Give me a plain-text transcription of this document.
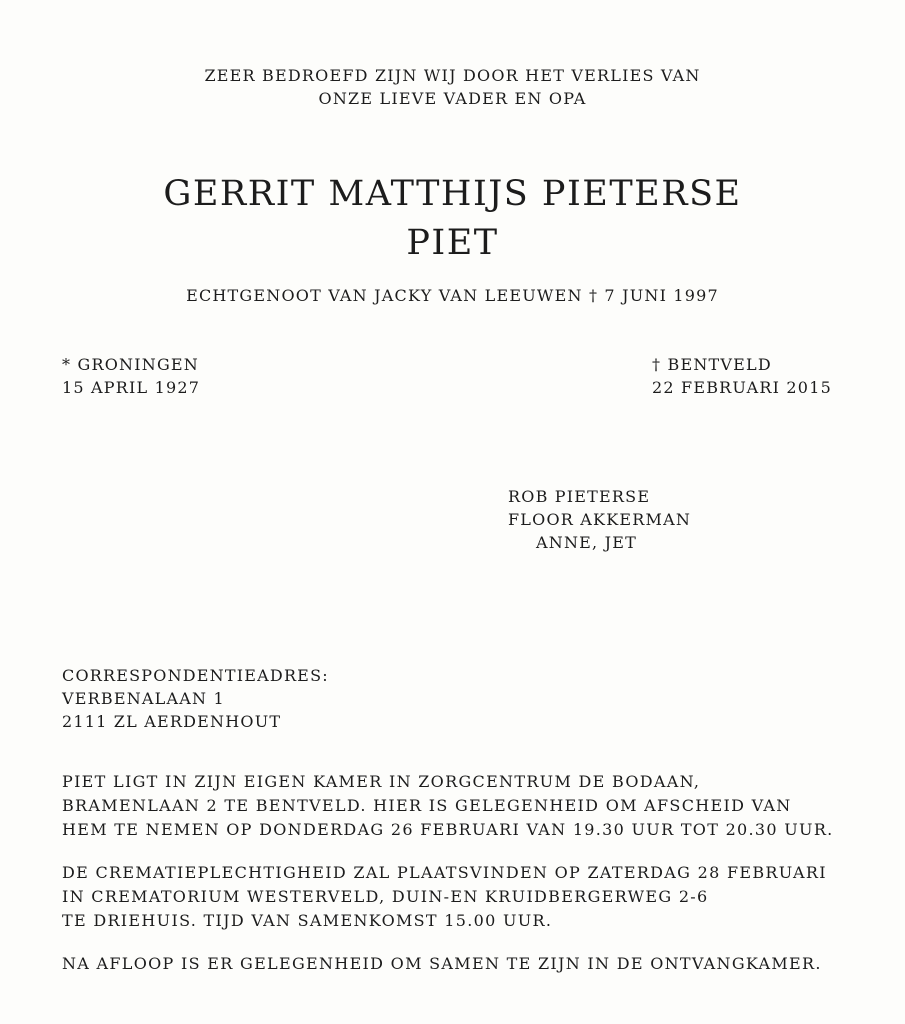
ZEER BEDROEFD ZIJN WIJ DOOR HET VERLIES VAN
ONZE LIEVE VADER EN OPA
GERRIT MATTHIJS PIETERSE
PIET
ECHTGENOOT VAN JACKY VAN LEEUWEN † 7 JUNI 1997
* GRONINGEN
15 APRIL 1927
† BENTVELD
22 FEBRUARI 2015
ROB PIETERSE
FLOOR AKKERMAN
ANNE, JET
CORRESPONDENTIEADRES:
VERBENALAAN 1
2111 ZL AERDENHOUT
PIET LIGT IN ZIJN EIGEN KAMER IN ZORGCENTRUM DE BODAAN,
BRAMENLAAN 2 TE BENTVELD. HIER IS GELEGENHEID OM AFSCHEID VAN
HEM TE NEMEN OP DONDERDAG 26 FEBRUARI VAN 19.30 UUR TOT 20.30 UUR.
DE CREMATIEPLECHTIGHEID ZAL PLAATSVINDEN OP ZATERDAG 28 FEBRUARI
IN CREMATORIUM WESTERVELD, DUIN-EN KRUIDBERGERWEG 2-6
TE DRIEHUIS. TIJD VAN SAMENKOMST 15.00 UUR.
NA AFLOOP IS ER GELEGENHEID OM SAMEN TE ZIJN IN DE ONTVANGKAMER.
